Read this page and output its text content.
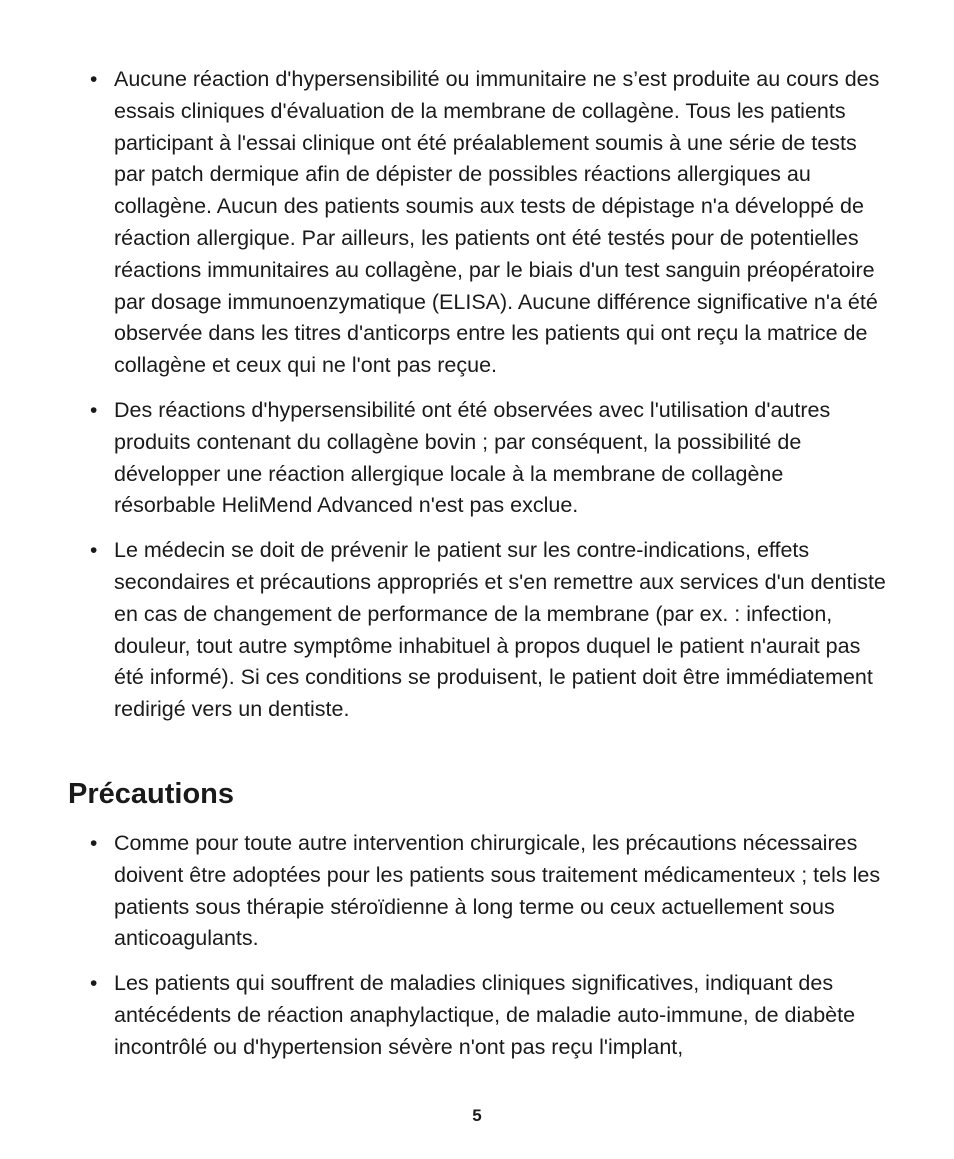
• Aucune réaction d'hypersensibilité ou immunitaire ne s’est produite au cours des essais cliniques d'évaluation de la membrane de collagène. Tous les patients participant à l'essai clinique ont été préalablement soumis à une série de tests par patch dermique afin de dépister de possibles réactions allergiques au collagène. Aucun des patients soumis aux tests de dépistage n'a développé de réaction allergique. Par ailleurs, les patients ont été testés pour de potentielles réactions immunitaires au collagène, par le biais d'un test sanguin préopératoire par dosage immunoenzymatique (ELISA). Aucune différence significative n'a été observée dans les titres d'anticorps entre les patients qui ont reçu la matrice de collagène et ceux qui ne l'ont pas reçue.
• Des réactions d'hypersensibilité ont été observées avec l'utilisation d'autres produits contenant du collagène bovin ; par conséquent, la possibilité de développer une réaction allergique locale à la membrane de collagène résorbable HeliMend Advanced n'est pas exclue.
• Le médecin se doit de prévenir le patient sur les contre-indications, effets secondaires et précautions appropriés et s'en remettre aux services d'un dentiste en cas de changement de performance de la membrane (par ex. : infection, douleur, tout autre symptôme inhabituel à propos duquel le patient n'aurait pas été informé). Si ces conditions se produisent, le patient doit être immédiatement redirigé vers un dentiste.
Précautions
• Comme pour toute autre intervention chirurgicale, les précautions nécessaires doivent être adoptées pour les patients sous traitement médicamenteux ; tels les patients sous thérapie stéroïdienne à long terme ou ceux actuellement sous anticoagulants.
• Les patients qui souffrent de maladies cliniques significatives, indiquant des antécédents de réaction anaphylactique, de maladie auto-immune, de diabète incontrôlé ou d'hypertension sévère n'ont pas reçu l'implant,
5
